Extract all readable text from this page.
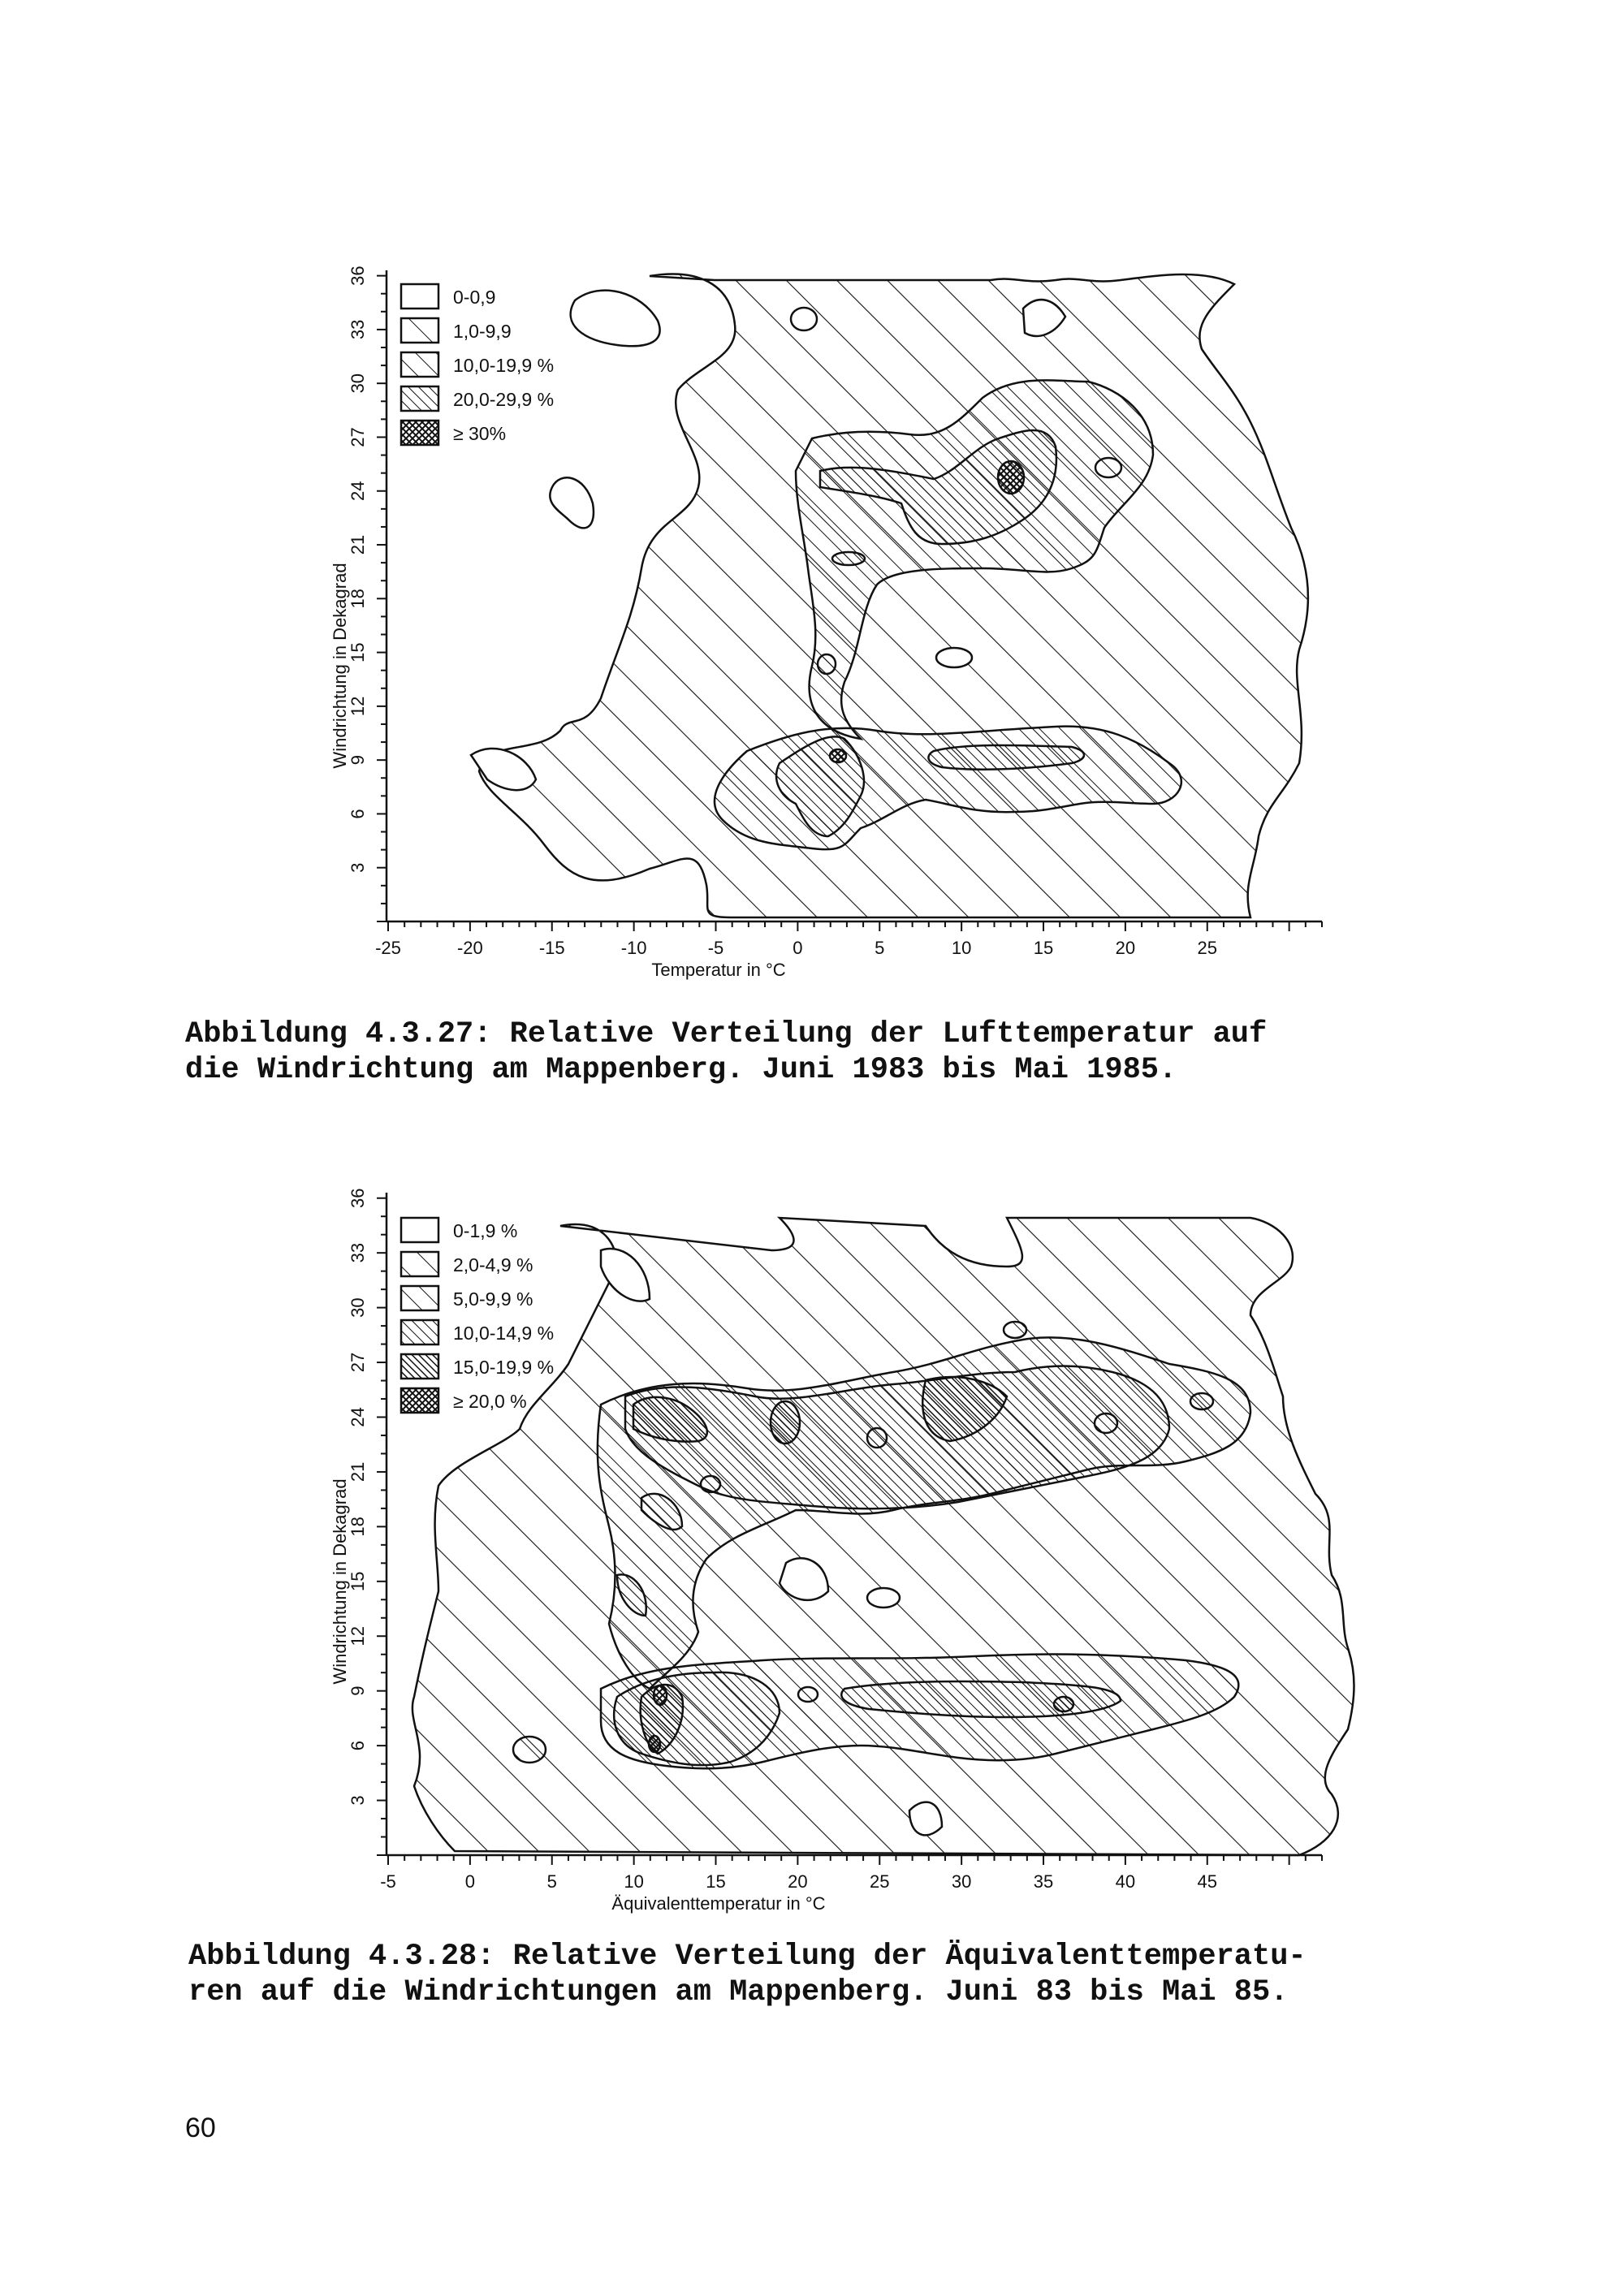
3
6
9
12
15
18
21
24
27
30
33
36
-25	-20	-15	-10	-5	0	5	10	15	20	25
Windrichtung in Dekagrad
Temperatur in °C
0-0,9
1,0-9,9
10,0-19,9 %
20,0-29,9 %
≥ 30%
3
6
9
12
15
18
21
24
27
30
33
36
-5	0	5	10	15	20	25	30	35	40	45
Windrichtung in Dekagrad
Äquivalenttemperatur in °C
0-1,9 %
2,0-4,9 %
5,0-9,9 %
10,0-14,9 %
15,0-19,9 %
≥ 20,0 %
Abbildung 4.3.27: Relative Verteilung der Lufttemperatur auf
die Windrichtung am Mappenberg. Juni 1983 bis Mai 1985.
Abbildung 4.3.28: Relative Verteilung der Äquivalenttemperatu-
ren auf die Windrichtungen am Mappenberg. Juni 83 bis Mai 85.
60
